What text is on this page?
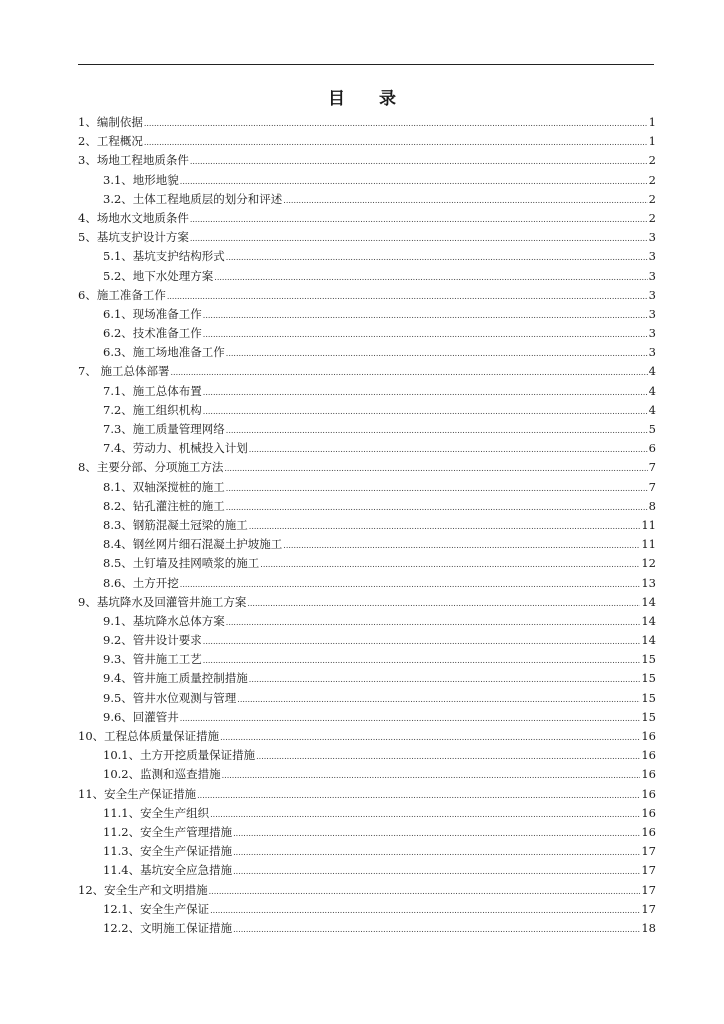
目 录
1、编制依据 .....	1
2、工程概况 .....	1
3、场地工程地质条件 .....	2
3.1、地形地貌 .....	2
3.2、土体工程地质层的划分和评述 .....	2
4、场地水文地质条件 .....	2
5、基坑支护设计方案 .....	3
5.1、基坑支护结构形式 .....	3
5.2、地下水处理方案 .....	3
6、施工准备工作 .....	3
6.1、现场准备工作 .....	3
6.2、技术准备工作 .....	3
6.3、施工场地准备工作 .....	3
7、 施工总体部署 .....	4
7.1、施工总体布置 .....	4
7.2、施工组织机构 .....	4
7.3、施工质量管理网络 .....	5
7.4、劳动力、机械投入计划 .....	6
8、主要分部、分项施工方法 .....	7
8.1、双轴深搅桩的施工 .....	7
8.2、钻孔灌注桩的施工 .....	8
8.3、钢筋混凝土冠梁的施工 .....	11
8.4、钢丝网片细石混凝土护坡施工 .....	11
8.5、土钉墙及挂网喷浆的施工 .....	12
8.6、土方开挖 .....	13
9、基坑降水及回灌管井施工方案 .....	14
9.1、基坑降水总体方案 .....	14
9.2、管井设计要求 .....	14
9.3、管井施工工艺 .....	15
9.4、管井施工质量控制措施 .....	15
9.5、管井水位观测与管理 .....	15
9.6、回灌管井 .....	15
10、工程总体质量保证措施 .....	16
10.1、土方开挖质量保证措施 .....	16
10.2、监测和巡查措施 .....	16
11、安全生产保证措施 .....	16
11.1、安全生产组织 .....	16
11.2、安全生产管理措施 .....	16
11.3、安全生产保证措施 .....	17
11.4、基坑安全应急措施 .....	17
12、安全生产和文明措施 .....	17
12.1、安全生产保证 .....	17
12.2、文明施工保证措施 .....	18
